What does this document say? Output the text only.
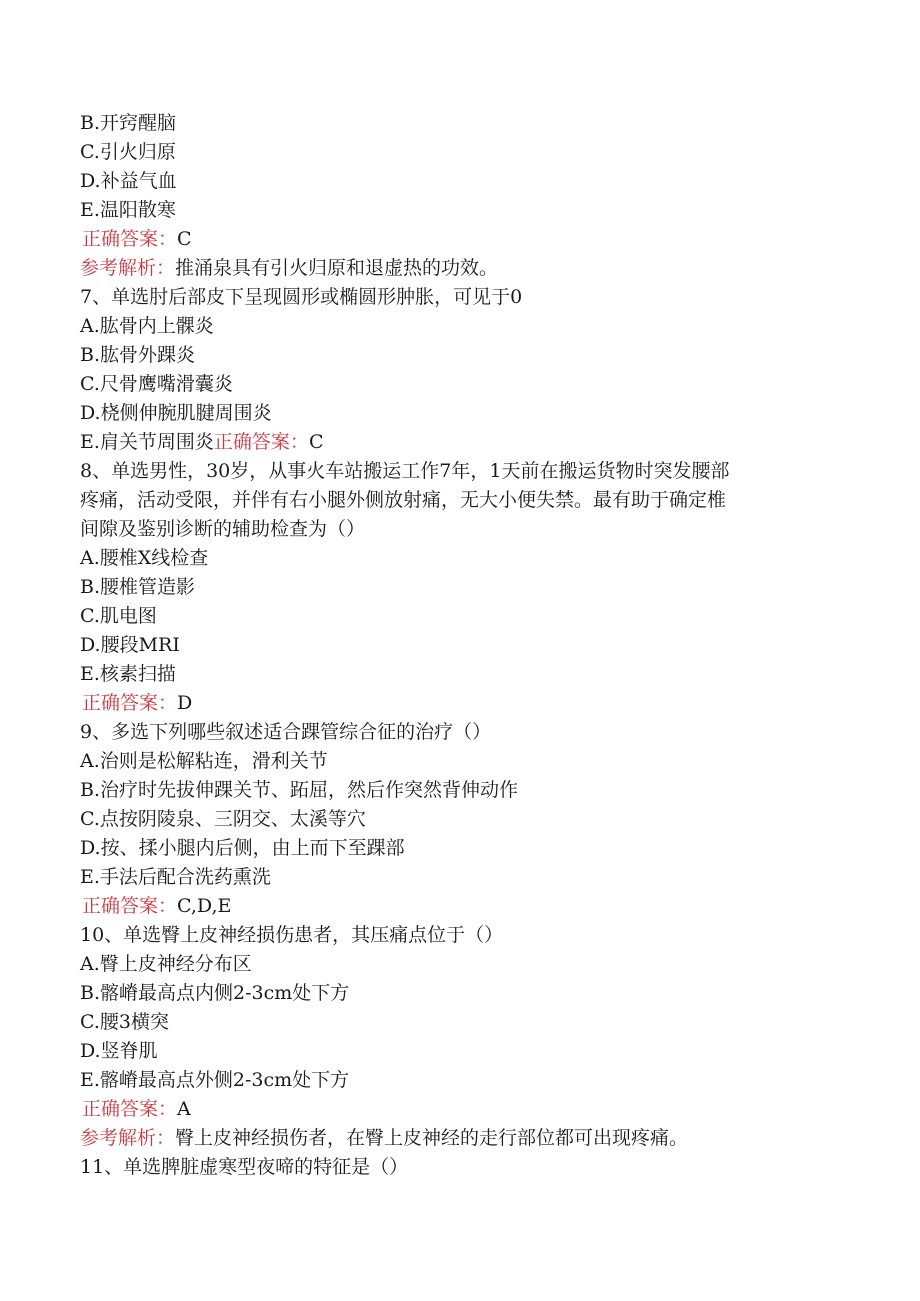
B.开窍醒脑

C.引火归原

D.补益气血

E.温阳散寒

正确答案：C

参考解析：推涌泉具有引火归原和退虚热的功效。

7、单选肘后部皮下呈现圆形或椭圆形肿胀，可见于0

A.肱骨内上髁炎

B.肱骨外踝炎

C.尺骨鹰嘴滑囊炎

D.桡侧伸腕肌腱周围炎

E.肩关节周围炎正确答案：C

8、单选男性，30岁，从事火车站搬运工作7年，1天前在搬运货物时突发腰部

疼痛，活动受限，并伴有右小腿外侧放射痛，无大小便失禁。最有助于确定椎

间隙及鉴别诊断的辅助检查为（）

A.腰椎X线检查

B.腰椎管造影

C.肌电图

D.腰段MRI

E.核素扫描

正确答案：D

9、多选下列哪些叙述适合踝管综合征的治疗（）

A.治则是松解粘连，滑利关节

B.治疗时先拔伸踝关节、跖屈，然后作突然背伸动作

C.点按阴陵泉、三阴交、太溪等穴

D.按、揉小腿内后侧，由上而下至踝部

E.手法后配合洗药熏洗

正确答案：C,D,E

10、单选臀上皮神经损伤患者，其压痛点位于（）

A.臀上皮神经分布区

B.髂嵴最高点内侧2-3cm处下方

C.腰3横突

D.竖脊肌

E.髂嵴最高点外侧2-3cm处下方

正确答案：A

参考解析：臀上皮神经损伤者，在臀上皮神经的走行部位都可出现疼痛。

11、单选脾脏虚寒型夜啼的特征是（）
